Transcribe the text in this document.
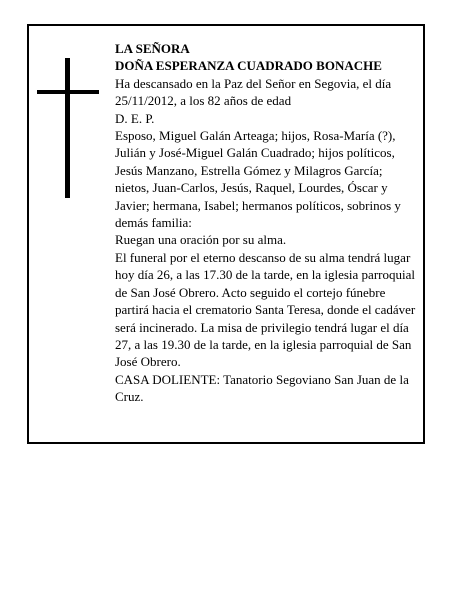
LA SEÑORA

DOÑA ESPERANZA CUADRADO BONACHE

Ha descansado en la Paz del Señor en Segovia, el día 25/11/2012, a los 82 años de edad

D. E. P.

Esposo, Miguel Galán Arteaga; hijos, Rosa-María (?), Julián y José-Miguel Galán Cuadrado; hijos políticos, Jesús Manzano, Estrella Gómez y Milagros García; nietos, Juan-Carlos, Jesús, Raquel, Lourdes, Óscar y Javier; hermana, Isabel; hermanos políticos, sobrinos y demás familia:

Ruegan una oración por su alma.

El funeral por el eterno descanso de su alma tendrá lugar hoy día 26, a las 17.30 de la tarde, en la iglesia parroquial de San José Obrero. Acto seguido el cortejo fúnebre partirá hacia el crematorio Santa Teresa, donde el cadáver será incinerado. La misa de privilegio tendrá lugar el día 27, a las 19.30 de la tarde, en la iglesia parroquial de San José Obrero.

CASA DOLIENTE: Tanatorio Segoviano San Juan de la Cruz.
